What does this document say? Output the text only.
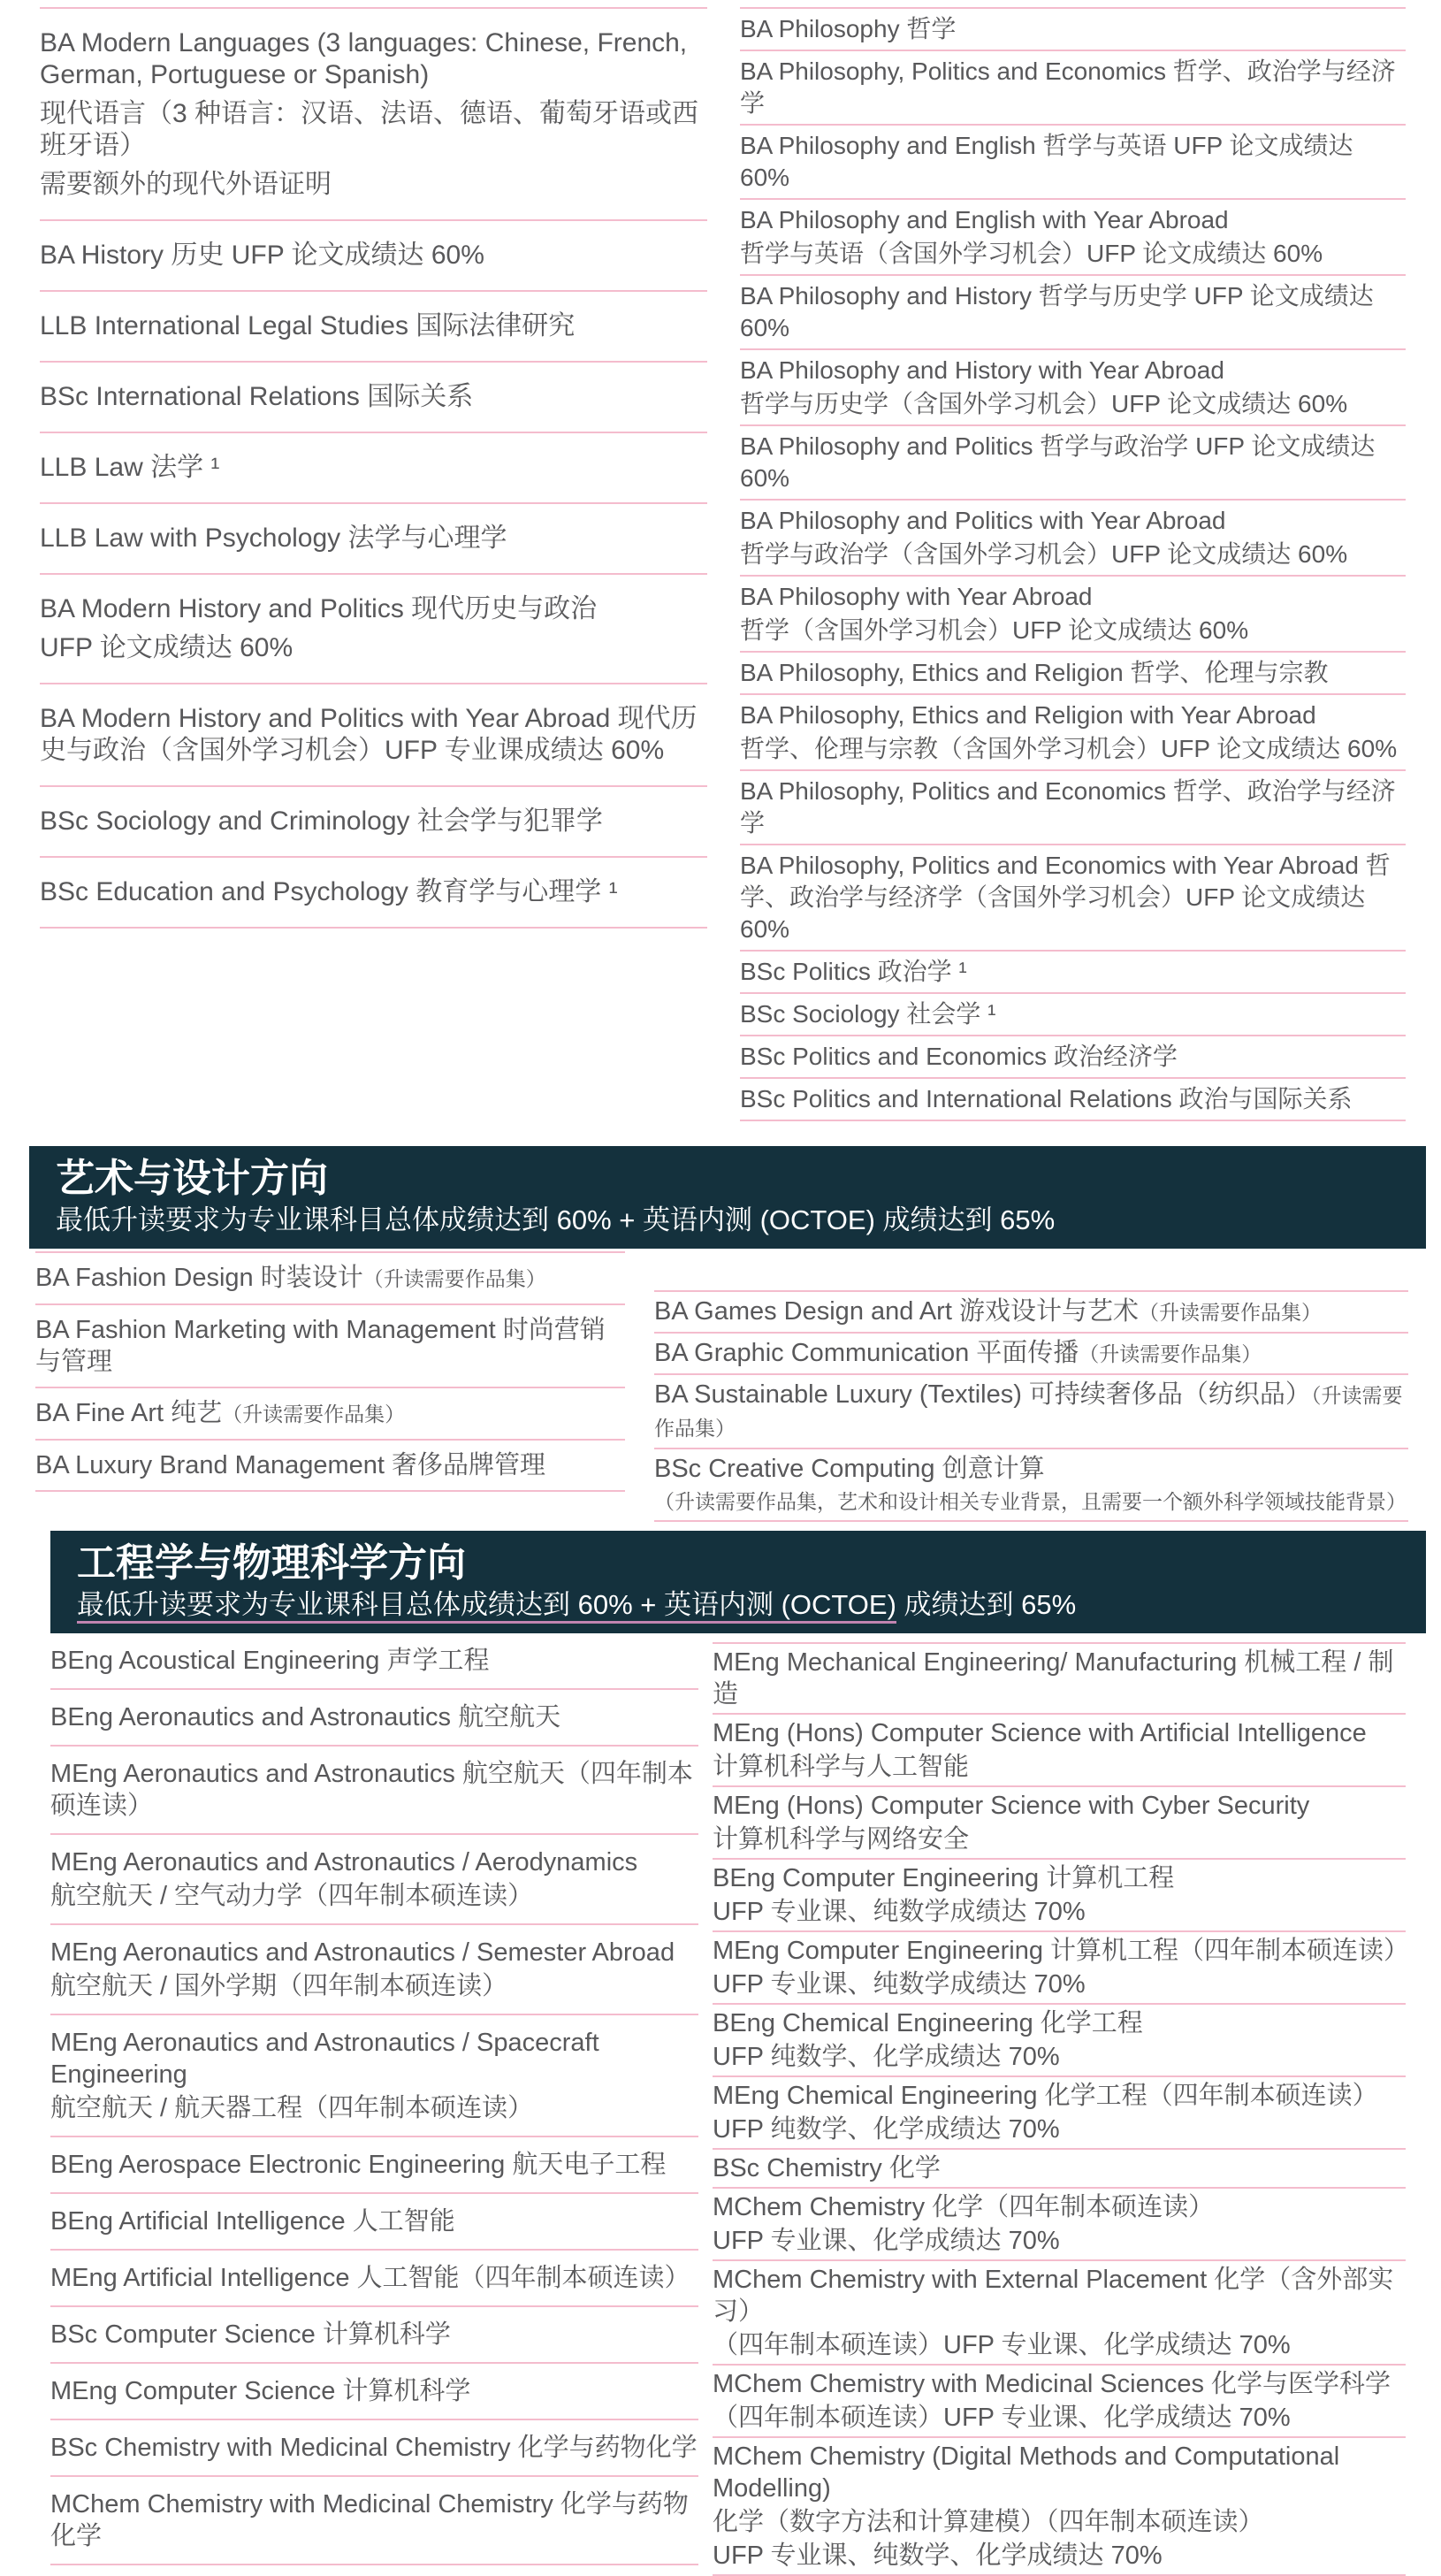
BA Modern Languages (3 languages: Chinese, French, German, Portuguese or Spanish)
现代语言（3 种语言：汉语、法语、德语、葡萄牙语或西班牙语）
需要额外的现代外语证明
BA History 历史 UFP 论文成绩达 60%
LLB International Legal Studies 国际法律研究
BSc International Relations 国际关系
LLB Law 法学 ¹
LLB Law with Psychology 法学与心理学
BA Modern History and Politics 现代历史与政治
UFP 论文成绩达 60%
BA Modern History and Politics with Year Abroad 现代历史与政治（含国外学习机会）UFP 专业课成绩达 60%
BSc Sociology and Criminology 社会学与犯罪学
BSc Education and Psychology 教育学与心理学 ¹
BA Philosophy 哲学
BA Philosophy, Politics and Economics 哲学、政治学与经济学
BA Philosophy and English 哲学与英语 UFP 论文成绩达 60%
BA Philosophy and English with Year Abroad
哲学与英语（含国外学习机会）UFP 论文成绩达 60%
BA Philosophy and History 哲学与历史学 UFP 论文成绩达 60%
BA Philosophy and History with Year Abroad
哲学与历史学（含国外学习机会）UFP 论文成绩达 60%
BA Philosophy and Politics 哲学与政治学 UFP 论文成绩达 60%
BA Philosophy and Politics with Year Abroad
哲学与政治学（含国外学习机会）UFP 论文成绩达 60%
BA Philosophy with Year Abroad
哲学（含国外学习机会）UFP 论文成绩达 60%
BA Philosophy, Ethics and Religion 哲学、伦理与宗教
BA Philosophy, Ethics and Religion with Year Abroad
哲学、伦理与宗教（含国外学习机会）UFP 论文成绩达 60%
BA Philosophy, Politics and Economics 哲学、政治学与经济学
BA Philosophy, Politics and Economics with Year Abroad 哲学、政治学与经济学（含国外学习机会）UFP 论文成绩达 60%
BSc Politics 政治学 ¹
BSc Sociology 社会学 ¹
BSc Politics and Economics 政治经济学
BSc Politics and International Relations 政治与国际关系
艺术与设计方向
最低升读要求为专业课科目总体成绩达到 60% + 英语内测 (OCTOE) 成绩达到 65%
BA Fashion Design 时装设计（升读需要作品集）
BA Fashion Marketing with Management 时尚营销与管理
BA Fine Art 纯艺（升读需要作品集）
BA Luxury Brand Management 奢侈品牌管理
BA Games Design and Art 游戏设计与艺术（升读需要作品集）
BA Graphic Communication 平面传播（升读需要作品集）
BA Sustainable Luxury (Textiles) 可持续奢侈品（纺织品）（升读需要作品集）
BSc Creative Computing 创意计算
（升读需要作品集，艺术和设计相关专业背景，且需要一个额外科学领域技能背景）
工程学与物理科学方向
最低升读要求为专业课科目总体成绩达到 60% + 英语内测 (OCTOE) 成绩达到 65%
BEng Acoustical Engineering 声学工程
BEng Aeronautics and Astronautics 航空航天
MEng Aeronautics and Astronautics 航空航天（四年制本硕连读）
MEng Aeronautics and Astronautics / Aerodynamics
航空航天 / 空气动力学（四年制本硕连读）
MEng Aeronautics and Astronautics / Semester Abroad
航空航天 / 国外学期（四年制本硕连读）
MEng Aeronautics and Astronautics / Spacecraft Engineering
航空航天 / 航天器工程（四年制本硕连读）
BEng Aerospace Electronic Engineering 航天电子工程
BEng Artificial Intelligence 人工智能
MEng Artificial Intelligence 人工智能（四年制本硕连读）
BSc Computer Science 计算机科学
MEng Computer Science 计算机科学
BSc Chemistry with Medicinal Chemistry 化学与药物化学
MChem Chemistry with Medicinal Chemistry 化学与药物化学
MEng Mechanical Engineering/ Manufacturing 机械工程 / 制造
MEng (Hons) Computer Science with Artificial Intelligence
计算机科学与人工智能
MEng (Hons) Computer Science with Cyber Security
计算机科学与网络安全
BEng Computer Engineering 计算机工程
UFP 专业课、纯数学成绩达 70%
MEng Computer Engineering 计算机工程（四年制本硕连读）
UFP 专业课、纯数学成绩达 70%
BEng Chemical Engineering 化学工程
UFP 纯数学、化学成绩达 70%
MEng Chemical Engineering 化学工程（四年制本硕连读）
UFP 纯数学、化学成绩达 70%
BSc Chemistry 化学
MChem Chemistry 化学（四年制本硕连读）
UFP 专业课、化学成绩达 70%
MChem Chemistry with External Placement 化学（含外部实习）
（四年制本硕连读）UFP 专业课、化学成绩达 70%
MChem Chemistry with Medicinal Sciences 化学与医学科学
（四年制本硕连读）UFP 专业课、化学成绩达 70%
MChem Chemistry (Digital Methods and Computational Modelling)
化学（数字方法和计算建模）（四年制本硕连读）
UFP 专业课、纯数学、化学成绩达 70%
